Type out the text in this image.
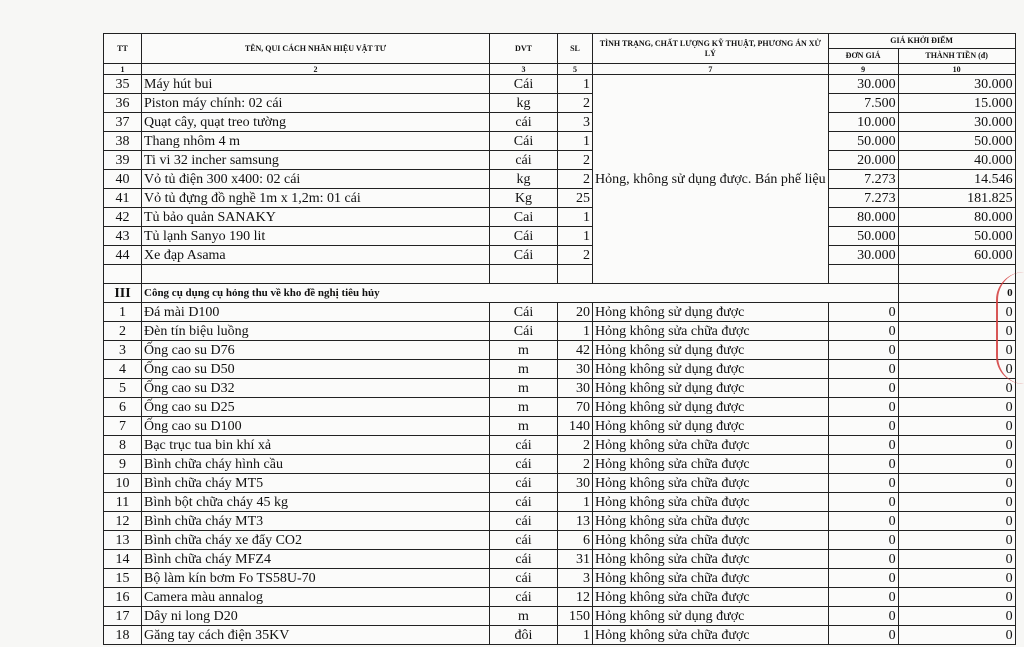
TT	TÊN, QUI CÁCH NHÃN HIỆU VẬT TƯ	DVT	SL	TÌNH TRẠNG, CHẤT LƯỢNG KỸ THUẬT, PHƯƠNG ÁN XỬ LÝ	GIÁ KHỞI ĐIỂM	
					ĐƠN GIÁ	THÀNH TIỀN (đ)
1	2	3	5	7	9	10
35	Máy hút bui	Cái	1	Hỏng, không sử dụng được. Bán phế liệu	30.000	30.000
36	Piston máy chính: 02 cái	kg	2		7.500	15.000
37	Quạt cây, quạt treo tường	cái	3		10.000	30.000
38	Thang nhôm 4 m	Cái	1		50.000	50.000
39	Ti vi 32 incher samsung	cái	2		20.000	40.000
40	Vỏ tủ điện 300 x400: 02 cái	kg	2		7.273	14.546
41	Vỏ tủ đựng đồ nghề 1m x 1,2m: 01 cái	Kg	25		7.273	181.825
42	Tủ bảo quản SANAKY	Cai	1		80.000	80.000
43	Tủ lạnh Sanyo 190 lit	Cái	1		50.000	50.000
44	Xe đạp Asama	Cái	2		30.000	60.000

III	Công cụ dụng cụ hỏng thu về kho đề nghị tiêu hủy					0
1	Đá mài D100	Cái	20	Hỏng không sử dụng được	0	0
2	Đèn tín biệu luồng	Cái	1	Hỏng không sửa chữa được	0	0
3	Ống cao su D76	m	42	Hỏng không sử dụng được	0	0
4	Ống cao su D50	m	30	Hỏng không sử dụng được	0	0
5	Ống cao su D32	m	30	Hỏng không sử dụng được	0	0
6	Ống cao su D25	m	70	Hỏng không sử dụng được	0	0
7	Ống cao su D100	m	140	Hỏng không sử dụng được	0	0
8	Bạc trục tua bin khí xả	cái	2	Hỏng không sửa chữa được	0	0
9	Bình chữa cháy hình cầu	cái	2	Hỏng không sửa chữa được	0	0
10	Bình chữa cháy MT5	cái	30	Hỏng không sửa chữa được	0	0
11	Bình bột chữa cháy 45 kg	cái	1	Hỏng không sửa chữa được	0	0
12	Bình chữa cháy MT3	cái	13	Hỏng không sửa chữa được	0	0
13	Bình chữa cháy xe đẩy CO2	cái	6	Hỏng không sửa chữa được	0	0
14	Bình chữa cháy MFZ4	cái	31	Hỏng không sửa chữa được	0	0
15	Bộ làm kín bơm Fo TS58U-70	cái	3	Hỏng không sửa chữa được	0	0
16	Camera màu annalog	cái	12	Hỏng không sửa chữa được	0	0
17	Dây ni long D20	m	150	Hỏng không sử dụng được	0	0
18	Găng tay cách điện 35KV	đôi	1	Hỏng không sửa chữa được	0	0
